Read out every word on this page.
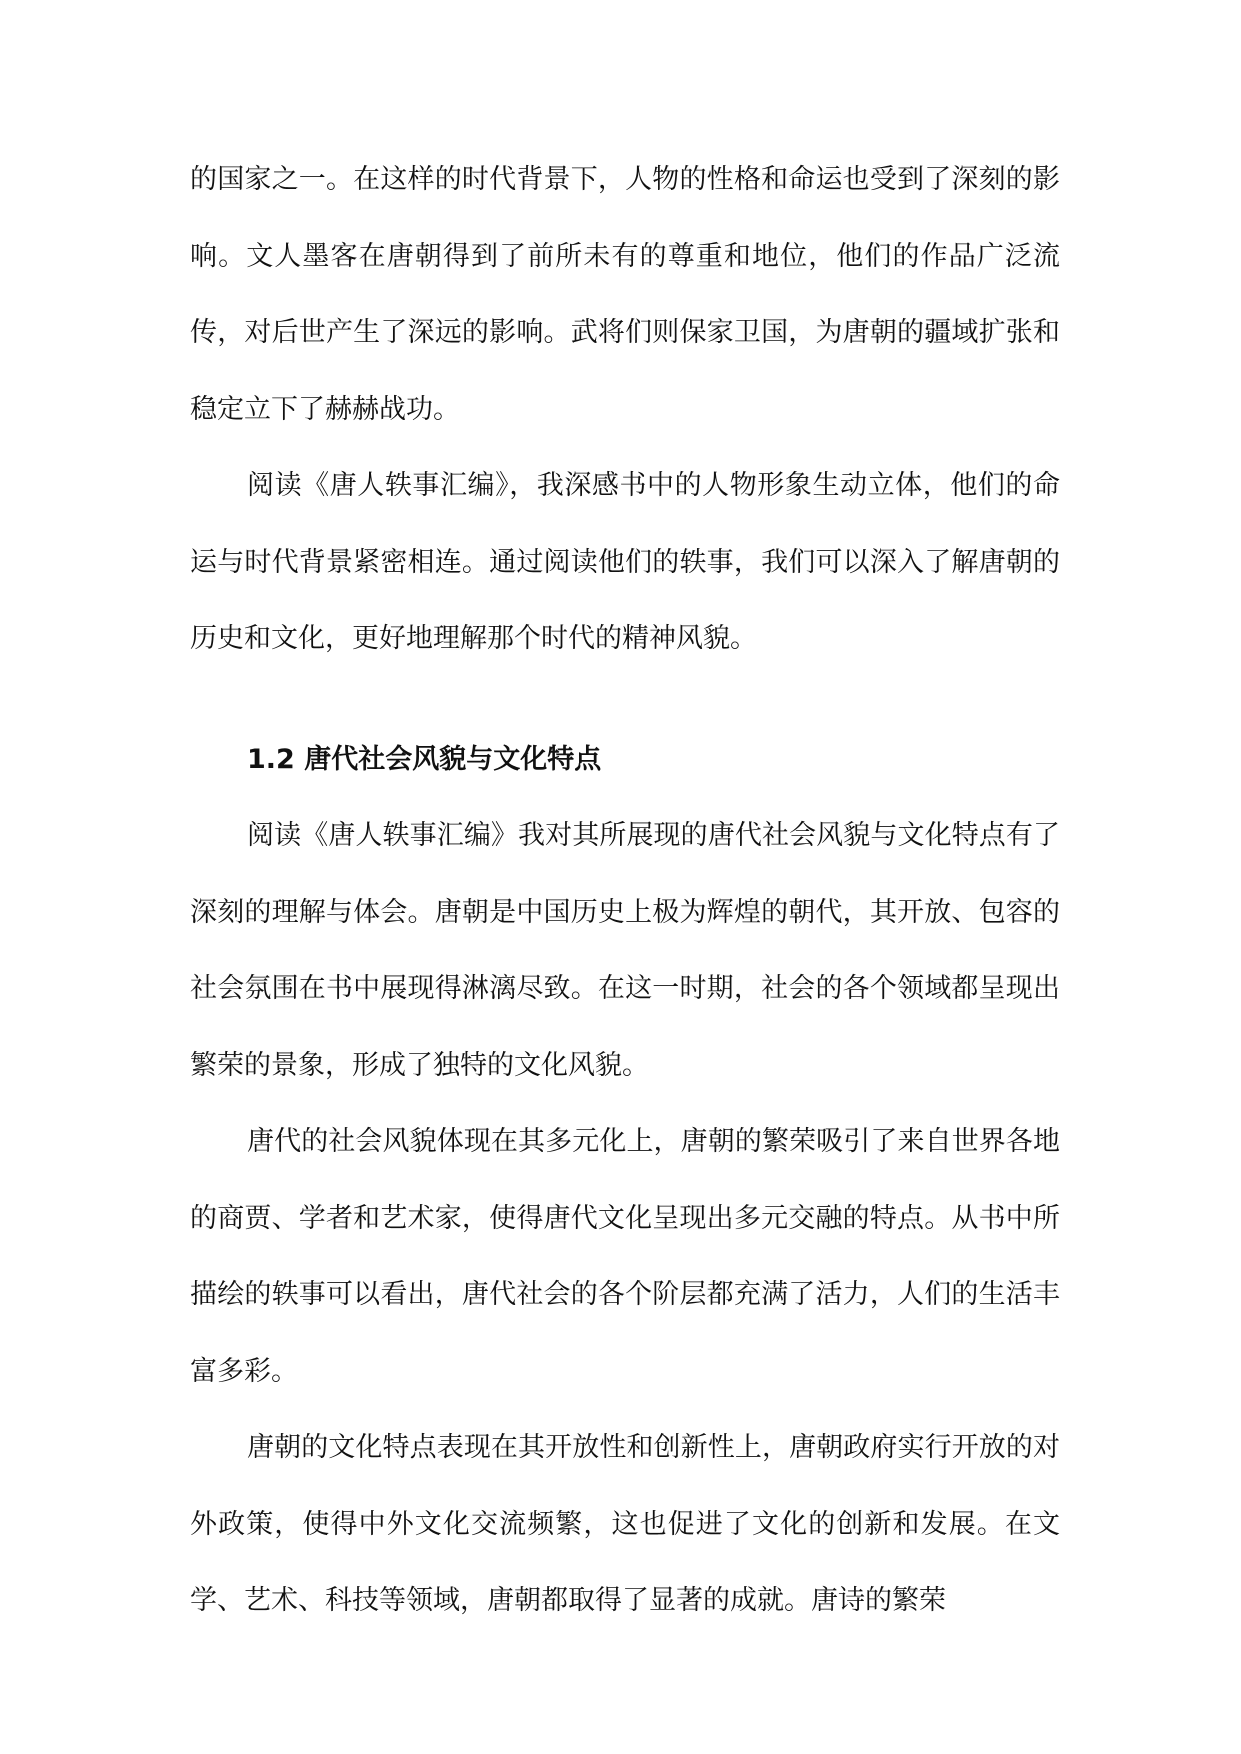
的国家之一。在这样的时代背景下，人物的性格和命运也受到了深刻的影响。文人墨客在唐朝得到了前所未有的尊重和地位，他们的作品广泛流传，对后世产生了深远的影响。武将们则保家卫国，为唐朝的疆域扩张和稳定立下了赫赫战功。

阅读《唐人轶事汇编》，我深感书中的人物形象生动立体，他们的命运与时代背景紧密相连。通过阅读他们的轶事，我们可以深入了解唐朝的历史和文化，更好地理解那个时代的精神风貌。

1.2 唐代社会风貌与文化特点

阅读《唐人轶事汇编》我对其所展现的唐代社会风貌与文化特点有了深刻的理解与体会。唐朝是中国历史上极为辉煌的朝代，其开放、包容的社会氛围在书中展现得淋漓尽致。在这一时期，社会的各个领域都呈现出繁荣的景象，形成了独特的文化风貌。

唐代的社会风貌体现在其多元化上，唐朝的繁荣吸引了来自世界各地的商贾、学者和艺术家，使得唐代文化呈现出多元交融的特点。从书中所描绘的轶事可以看出，唐代社会的各个阶层都充满了活力，人们的生活丰富多彩。

唐朝的文化特点表现在其开放性和创新性上，唐朝政府实行开放的对外政策，使得中外文化交流频繁，这也促进了文化的创新和发展。在文学、艺术、科技等领域，唐朝都取得了显著的成就。唐诗的繁荣
